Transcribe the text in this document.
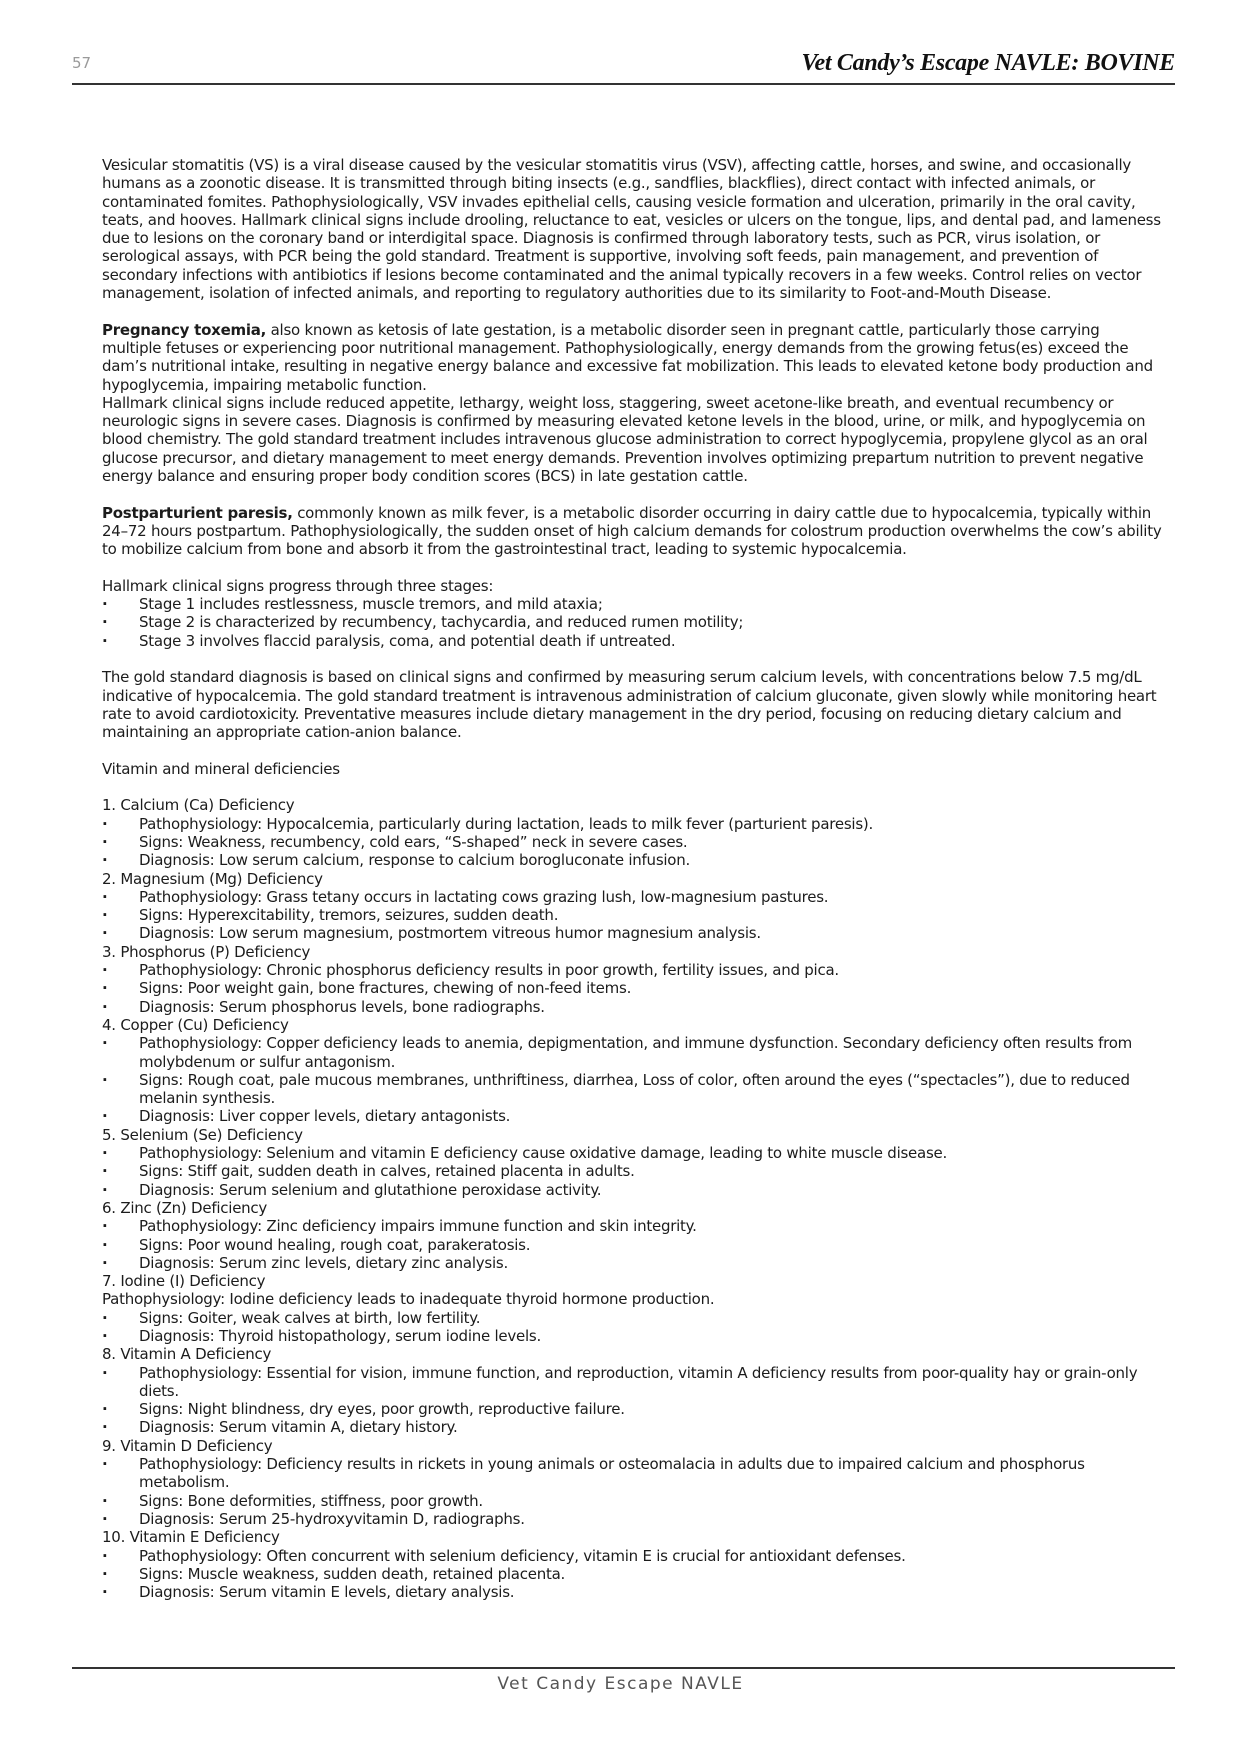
57	Vet Candy’s Escape NAVLE: BOVINE

Vesicular stomatitis (VS) is a viral disease caused by the vesicular stomatitis virus (VSV), affecting cattle, horses, and swine, and occasionally humans as a zoonotic disease. It is transmitted through biting insects (e.g., sandflies, blackflies), direct contact with infected animals, or contaminated fomites. Pathophysiologically, VSV invades epithelial cells, causing vesicle formation and ulceration, primarily in the oral cavity, teats, and hooves. Hallmark clinical signs include drooling, reluctance to eat, vesicles or ulcers on the tongue, lips, and dental pad, and lameness due to lesions on the coronary band or interdigital space. Diagnosis is confirmed through laboratory tests, such as PCR, virus isolation, or serological assays, with PCR being the gold standard. Treatment is supportive, involving soft feeds, pain management, and prevention of secondary infections with antibiotics if lesions become contaminated and the animal typically recovers in a few weeks. Control relies on vector management, isolation of infected animals, and reporting to regulatory authorities due to its similarity to Foot-and-Mouth Disease.

Pregnancy toxemia, also known as ketosis of late gestation, is a metabolic disorder seen in pregnant cattle, particularly those carrying multiple fetuses or experiencing poor nutritional management. Pathophysiologically, energy demands from the growing fetus(es) exceed the dam’s nutritional intake, resulting in negative energy balance and excessive fat mobilization. This leads to elevated ketone body production and hypoglycemia, impairing metabolic function.

Hallmark clinical signs include reduced appetite, lethargy, weight loss, staggering, sweet acetone-like breath, and eventual recumbency or neurologic signs in severe cases. Diagnosis is confirmed by measuring elevated ketone levels in the blood, urine, or milk, and hypoglycemia on blood chemistry. The gold standard treatment includes intravenous glucose administration to correct hypoglycemia, propylene glycol as an oral glucose precursor, and dietary management to meet energy demands. Prevention involves optimizing prepartum nutrition to prevent negative energy balance and ensuring proper body condition scores (BCS) in late gestation cattle.

Postparturient paresis, commonly known as milk fever, is a metabolic disorder occurring in dairy cattle due to hypocalcemia, typically within 24–72 hours postpartum. Pathophysiologically, the sudden onset of high calcium demands for colostrum production overwhelms the cow’s ability to mobilize calcium from bone and absorb it from the gastrointestinal tract, leading to systemic hypocalcemia.

Hallmark clinical signs progress through three stages:

· Stage 1 includes restlessness, muscle tremors, and mild ataxia;

· Stage 2 is characterized by recumbency, tachycardia, and reduced rumen motility;

· Stage 3 involves flaccid paralysis, coma, and potential death if untreated.

The gold standard diagnosis is based on clinical signs and confirmed by measuring serum calcium levels, with concentrations below 7.5 mg/dL indicative of hypocalcemia. The gold standard treatment is intravenous administration of calcium gluconate, given slowly while monitoring heart rate to avoid cardiotoxicity. Preventative measures include dietary management in the dry period, focusing on reducing dietary calcium and maintaining an appropriate cation-anion balance.

Vitamin and mineral deficiencies

1. Calcium (Ca) Deficiency

· Pathophysiology: Hypocalcemia, particularly during lactation, leads to milk fever (parturient paresis).

· Signs: Weakness, recumbency, cold ears, “S-shaped” neck in severe cases.

· Diagnosis: Low serum calcium, response to calcium borogluconate infusion.

2. Magnesium (Mg) Deficiency

· Pathophysiology: Grass tetany occurs in lactating cows grazing lush, low-magnesium pastures.

· Signs: Hyperexcitability, tremors, seizures, sudden death.

· Diagnosis: Low serum magnesium, postmortem vitreous humor magnesium analysis.

3. Phosphorus (P) Deficiency

· Pathophysiology: Chronic phosphorus deficiency results in poor growth, fertility issues, and pica.

· Signs: Poor weight gain, bone fractures, chewing of non-feed items.

· Diagnosis: Serum phosphorus levels, bone radiographs.

4. Copper (Cu) Deficiency

· Pathophysiology: Copper deficiency leads to anemia, depigmentation, and immune dysfunction. Secondary deficiency often results from molybdenum or sulfur antagonism.

· Signs: Rough coat, pale mucous membranes, unthriftiness, diarrhea, Loss of color, often around the eyes (“spectacles”), due to reduced melanin synthesis.

· Diagnosis: Liver copper levels, dietary antagonists.

5. Selenium (Se) Deficiency

· Pathophysiology: Selenium and vitamin E deficiency cause oxidative damage, leading to white muscle disease.

· Signs: Stiff gait, sudden death in calves, retained placenta in adults.

· Diagnosis: Serum selenium and glutathione peroxidase activity.

6. Zinc (Zn) Deficiency

· Pathophysiology: Zinc deficiency impairs immune function and skin integrity.

· Signs: Poor wound healing, rough coat, parakeratosis.

· Diagnosis: Serum zinc levels, dietary zinc analysis.

7. Iodine (I) Deficiency

Pathophysiology: Iodine deficiency leads to inadequate thyroid hormone production.

· Signs: Goiter, weak calves at birth, low fertility.

· Diagnosis: Thyroid histopathology, serum iodine levels.

8. Vitamin A Deficiency

· Pathophysiology: Essential for vision, immune function, and reproduction, vitamin A deficiency results from poor-quality hay or grain-only diets.

· Signs: Night blindness, dry eyes, poor growth, reproductive failure.

· Diagnosis: Serum vitamin A, dietary history.

9. Vitamin D Deficiency

· Pathophysiology: Deficiency results in rickets in young animals or osteomalacia in adults due to impaired calcium and phosphorus metabolism.

· Signs: Bone deformities, stiffness, poor growth.

· Diagnosis: Serum 25-hydroxyvitamin D, radiographs.

10. Vitamin E Deficiency

· Pathophysiology: Often concurrent with selenium deficiency, vitamin E is crucial for antioxidant defenses.

· Signs: Muscle weakness, sudden death, retained placenta.

· Diagnosis: Serum vitamin E levels, dietary analysis.

Vet Candy Escape NAVLE
